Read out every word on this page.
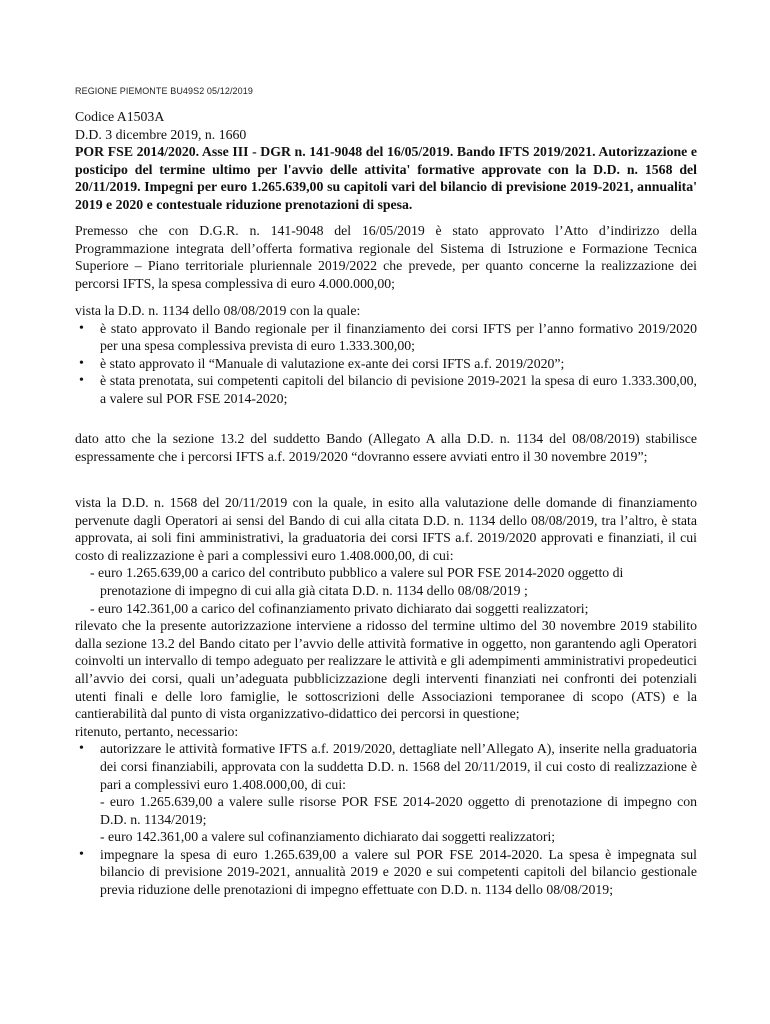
REGIONE PIEMONTE BU49S2 05/12/2019
Codice A1503A
D.D. 3 dicembre 2019, n. 1660
POR FSE 2014/2020. Asse III - DGR n. 141-9048 del 16/05/2019. Bando IFTS 2019/2021. Autorizzazione e posticipo del termine ultimo per l'avvio delle attivita' formative approvate con la D.D. n. 1568 del 20/11/2019. Impegni per euro 1.265.639,00 su capitoli vari del bilancio di previsione 2019-2021, annualita' 2019 e 2020 e contestuale riduzione prenotazioni di spesa.

Premesso che con D.G.R. n. 141-9048 del 16/05/2019 è stato approvato l’Atto d’indirizzo della Programmazione integrata dell’offerta formativa regionale del Sistema di Istruzione e Formazione Tecnica Superiore – Piano territoriale pluriennale 2019/2022 che prevede, per quanto concerne la realizzazione dei percorsi IFTS, la spesa complessiva di euro 4.000.000,00;

vista la D.D. n. 1134 dello 08/08/2019 con la quale:

• è stato approvato il Bando regionale per il finanziamento dei corsi IFTS per l’anno formativo 2019/2020 per una spesa complessiva prevista di euro 1.333.300,00;
• è stato approvato il “Manuale di valutazione ex-ante dei corsi IFTS a.f. 2019/2020”;
• è stata prenotata, sui competenti capitoli del bilancio di pevisione 2019-2021 la spesa di euro 1.333.300,00, a valere sul POR FSE 2014-2020;

dato atto che la sezione 13.2 del suddetto Bando (Allegato A alla D.D. n. 1134 del 08/08/2019) stabilisce espressamente che i percorsi IFTS a.f. 2019/2020 “dovranno essere avviati entro il 30 novembre 2019”;

vista la D.D. n. 1568 del 20/11/2019 con la quale, in esito alla valutazione delle domande di finanziamento pervenute dagli Operatori ai sensi del Bando di cui alla citata D.D. n. 1134 dello 08/08/2019, tra l’altro, è stata approvata, ai soli fini amministrativi, la graduatoria dei corsi IFTS a.f. 2019/2020 approvati e finanziati, il cui costo di realizzazione è pari a complessivi euro 1.408.000,00, di cui:

- euro 1.265.639,00 a carico del contributo pubblico a valere sul POR FSE 2014-2020 oggetto di
prenotazione di impegno di cui alla già citata D.D. n. 1134 dello 08/08/2019 ;
- euro 142.361,00 a carico del cofinanziamento privato dichiarato dai soggetti realizzatori;

rilevato che la presente autorizzazione interviene a ridosso del termine ultimo del 30 novembre 2019 stabilito dalla sezione 13.2 del Bando citato per l’avvio delle attività formative in oggetto, non garantendo agli Operatori coinvolti un intervallo di tempo adeguato per realizzare le attività e gli adempimenti amministrativi propedeutici all’avvio dei corsi, quali un’adeguata pubblicizzazione degli interventi finanziati nei confronti dei potenziali utenti finali e delle loro famiglie, le sottoscrizioni delle Associazioni temporanee di scopo (ATS) e la cantierabilità dal punto di vista organizzativo-didattico dei percorsi in questione;

ritenuto, pertanto, necessario:

• autorizzare le attività formative IFTS a.f. 2019/2020, dettagliate nell’Allegato A), inserite nella graduatoria dei corsi finanziabili, approvata con la suddetta D.D. n. 1568 del 20/11/2019, il cui costo di realizzazione è pari a complessivi euro 1.408.000,00, di cui:
- euro 1.265.639,00 a valere sulle risorse POR FSE 2014-2020 oggetto di prenotazione di impegno con D.D. n. 1134/2019;
- euro 142.361,00 a valere sul cofinanziamento dichiarato dai soggetti realizzatori;
• impegnare la spesa di euro 1.265.639,00 a valere sul POR FSE 2014-2020. La spesa è impegnata sul bilancio di previsione 2019-2021, annualità 2019 e 2020 e sui competenti capitoli del bilancio gestionale previa riduzione delle prenotazioni di impegno effettuate con D.D. n. 1134 dello 08/08/2019;
